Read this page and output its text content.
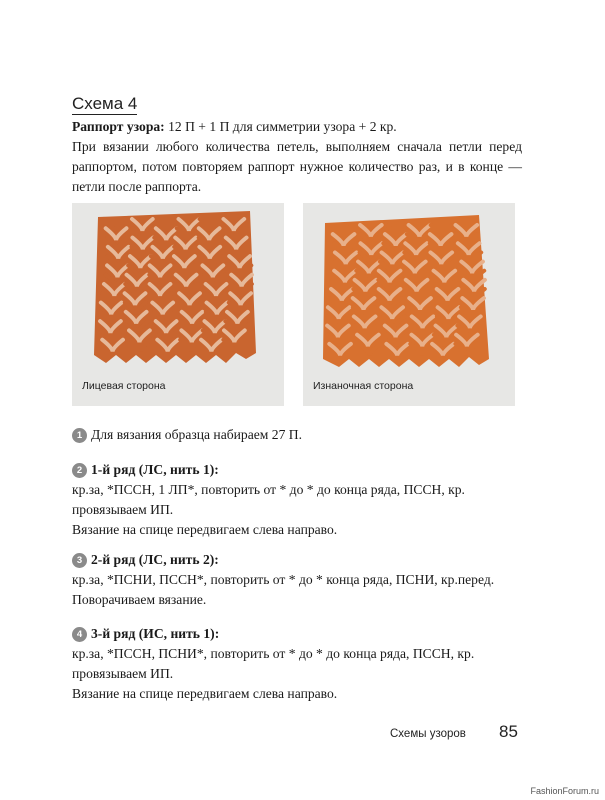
Схема 4

Раппорт узора: 12 П + 1 П для симметрии узора + 2 кр.

При вязании любого количества петель, выполняем сначала петли перед раппортом, потом повторяем раппорт нужное количество раз, и в конце — петли после раппорта.

Лицевая сторона	Изнаночная сторона

1 Для вязания образца набираем 27 П.

2 1-й ряд (ЛС, нить 1):

кр.за, *ПССН, 1 ЛП*, повторить от * до * до конца ряда, ПССН, кр. провязываем ИП.

Вязание на спице передвигаем слева направо.

3 2-й ряд (ЛС, нить 2):

кр.за, *ПСНИ, ПССН*, повторить от * до * конца ряда, ПСНИ, кр.перед.

Поворачиваем вязание.

4 3-й ряд (ИС, нить 1):

кр.за, *ПССН, ПСНИ*, повторить от * до * до конца ряда, ПССН, кр. провязываем ИП.

Вязание на спице передвигаем слева направо.

Схемы узоров 85
FashionForum.ru
